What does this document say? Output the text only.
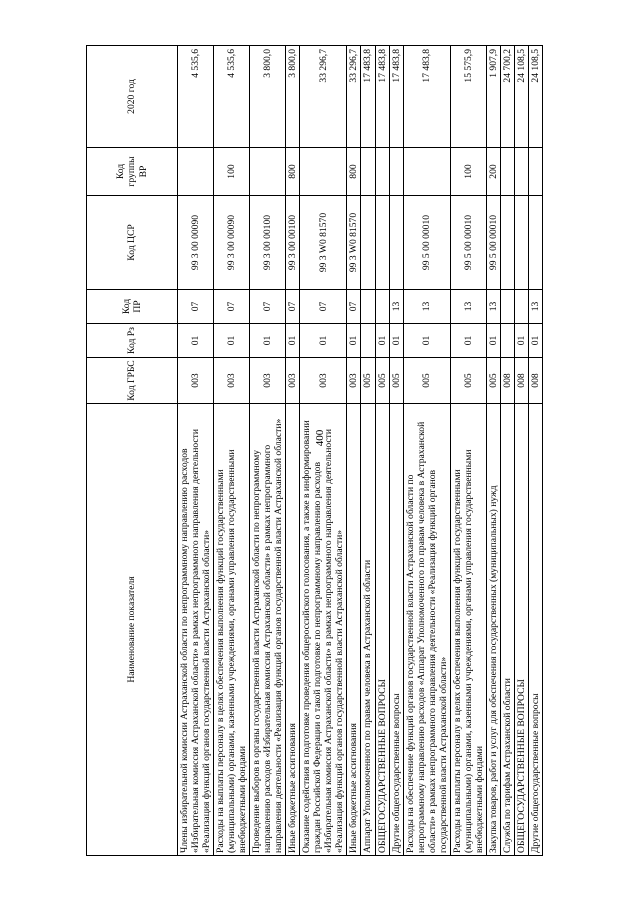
400
Наименование показателя	Код ГРБС	Код Рз	Код ПР	Код ЦСР	Код группы ВР	2020 год
Члены избирательной комиссии Астраханской области по непрограммному направлению расходов «Избирательная комиссия Астраханской области» в рамках непрограммного направления деятельности «Реализация функций органов государственной власти Астраханской области»	003	01	07	99 3 00 00090		4 535,6
Расходы на выплаты персоналу в целях обеспечения выполнения функций государственными (муниципальными) органами, казенными учреждениями, органами управления государственными внебюджетными фондами	003	01	07	99 3 00 00090	100	4 535,6
Проведение выборов в органы государственной власти Астраханской области по непрограммному направлению расходов «Избирательная комиссия Астраханской области» в рамках непрограммного направления деятельности «Реализация функций органов государственной власти Астраханской области»	003	01	07	99 3 00 00100		3 800,0
Иные бюджетные ассигнования	003	01	07	99 3 00 00100	800	3 800,0
Оказание содействия в подготовке проведения общероссийского голосования, а также в информировании граждан Российской Федерации о такой подготовке по непрограммному направлению расходов «Избирательная комиссия Астраханской области» в рамках непрограммного направления деятельности «Реализация функций органов государственной власти Астраханской области»	003	01	07	99 3 W0 81570		33 296,7
Иные бюджетные ассигнования	003	01	07	99 3 W0 81570	800	33 296,7
Аппарат Уполномоченного по правам человека в Астраханской области	005					17 483,8
ОБЩЕГОСУДАРСТВЕННЫЕ ВОПРОСЫ	005	01				17 483,8
Другие общегосударственные вопросы	005	01	13			17 483,8
Расходы на обеспечение функций органов государственной власти Астраханской области по непрограммному направлению расходов «Аппарат Уполномоченного по правам человека в Астраханской области» в рамках непрограммного направления деятельности «Реализация функций органов государственной власти Астраханской области»	005	01	13	99 5 00 00010		17 483,8
Расходы на выплаты персоналу в целях обеспечения выполнения функций государственными (муниципальными) органами, казенными учреждениями, органами управления государственными внебюджетными фондами	005	01	13	99 5 00 00010	100	15 575,9
Закупка товаров, работ и услуг для обеспечения государственных (муниципальных) нужд	005	01	13	99 5 00 00010	200	1 907,9
Служба по тарифам Астраханской области	008					24 700,2
ОБЩЕГОСУДАРСТВЕННЫЕ ВОПРОСЫ	008	01				24 108,5
Другие общегосударственные вопросы	008	01	13			24 108,5
